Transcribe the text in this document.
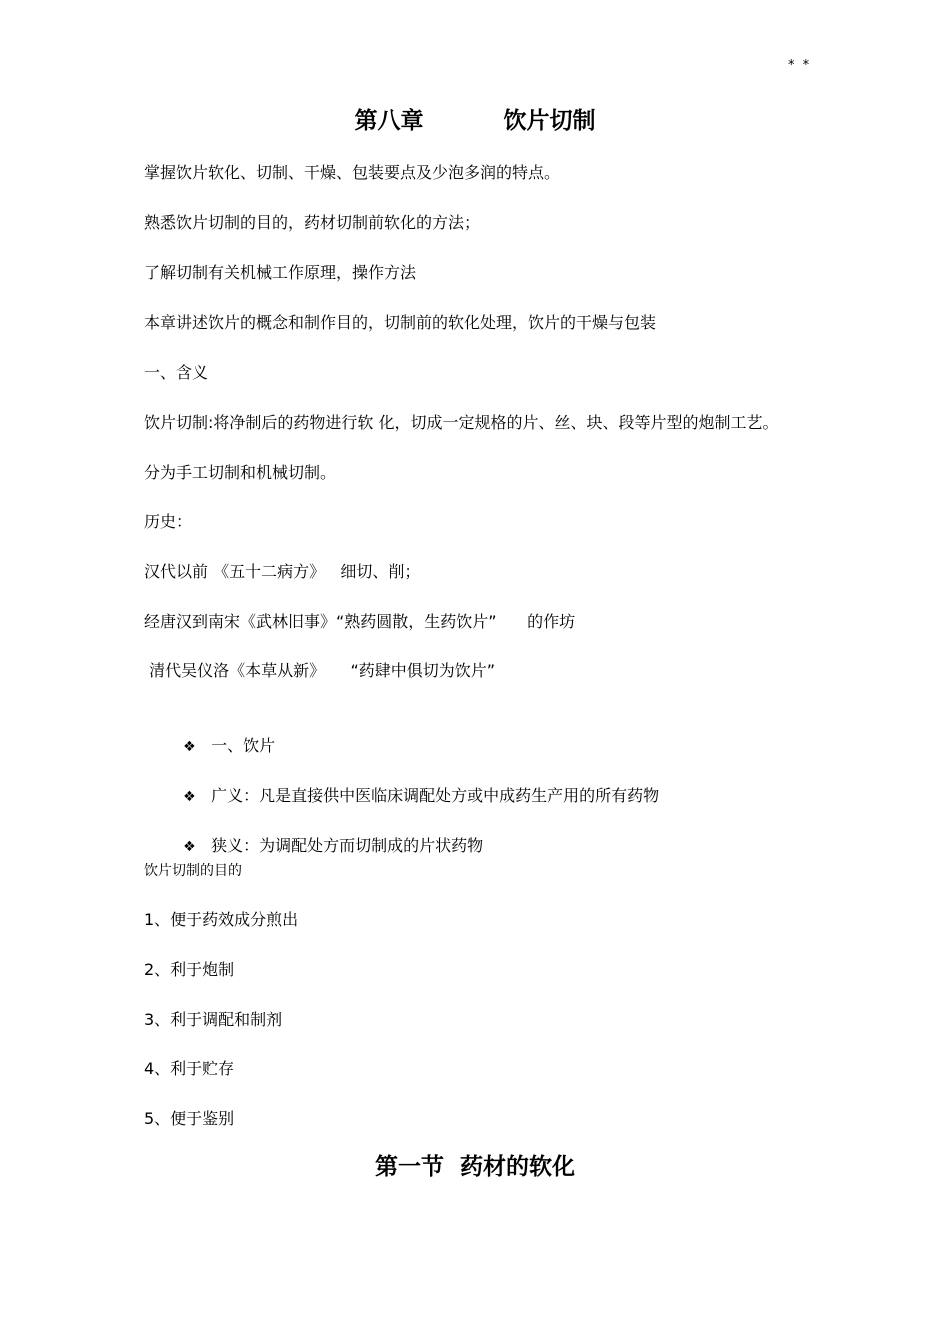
* *
第八章          饮片切制
掌握饮片软化、切制、干燥、包装要点及少泡多润的特点。
熟悉饮片切制的目的，药材切制前软化的方法；
了解切制有关机械工作原理，操作方法
本章讲述饮片的概念和制作目的，切制前的软化处理，饮片的干燥与包装
一、含义
饮片切制:将净制后的药物进行软 化，切成一定规格的片、丝、块、段等片型的炮制工艺。
分为手工切制和机械切制。
历史：
汉代以前 《五十二病方》   细切、削；
经唐汉到南宋《武林旧事》“熟药圆散，生药饮片”      的作坊
清代吴仪洛《本草从新》     “药肆中俱切为饮片”

❖ 一、饮片

❖ 广义：凡是直接供中医临床调配处方或中成药生产用的所有药物

❖ 狭义：为调配处方而切制成的片状药物

饮片切制的目的
1、便于药效成分煎出
2、利于炮制
3、利于调配和制剂
4、利于贮存
5、便于鉴别
第一节  药材的软化
